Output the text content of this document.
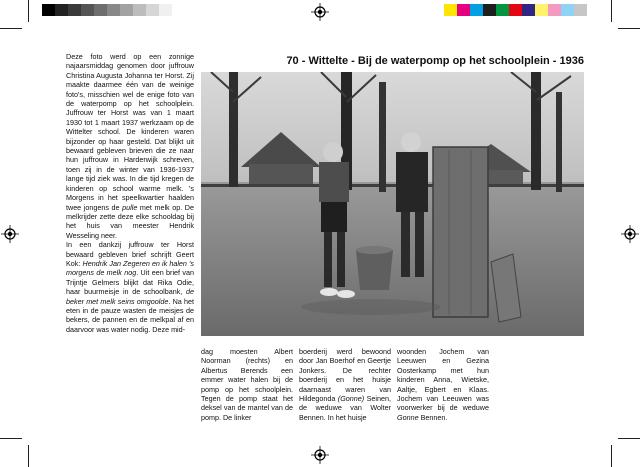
Deze foto werd op een zonnige najaarsmiddag genomen door juffrouw Christina Augusta Johanna ter Horst. Zij maakte daarmee één van de weinige foto's, misschien wel de enige foto van de waterpomp op het schoolplein. Juffrouw ter Horst was van 1 maart 1930 tot 1 maart 1937 werkzaam op de Wittelter school. De kinderen waren bijzonder op haar gesteld. Dat blijkt uit bewaard gebleven brieven die ze naar hun juffrouw in Harderwijk schreven, toen zij in de winter van 1936-1937 lange tijd ziek was. In die tijd kregen de kinderen op school warme melk. 's Morgens in het speelkwartier haalden twee jongens de pulle met melk op. De melkrijder zette deze elke schooldag bij het huis van meester Hendrik Wesseling neer.

In een dankzij juffrouw ter Horst bewaard gebleven brief schrijft Geert Kok: Hendrik Jan Zegeren en ik halen 's morgens de melk nog. Uit een brief van Trijntje Gelmers blijkt dat Rika Odie, haar buurmeisje in de schoolbank, de beker met melk seins omgoolde. Na het eten in de pauze wasten de meisjes de bekers, de pannen en de melkpal af en daarvoor was water nodig. Deze mid-

70 - Wittelte - Bij de waterpomp op het schoolplein - 1936
dag moesten Albert Noorman (rechts) en Albertus Berends een emmer water halen bij de pomp op het schoolplein. Tegen de pomp staat het deksel van de mantel van de pomp. De linker
boerderij werd bewoond door Jan Boerhof en Geertje Jonkers. De rechter boerderij en het huisje daarnaast waren van Hildegonda (Gonne) Seinen, de weduwe van Wolter Bennen. In het huisje
woonden Jochem van Leeuwen en Gezina Oosterkamp met hun kinderen Anna, Wietske, Aaltje, Egbert en Klaas. Jochem van Leeuwen was voorwerker bij de weduwe Gonne Bennen.
